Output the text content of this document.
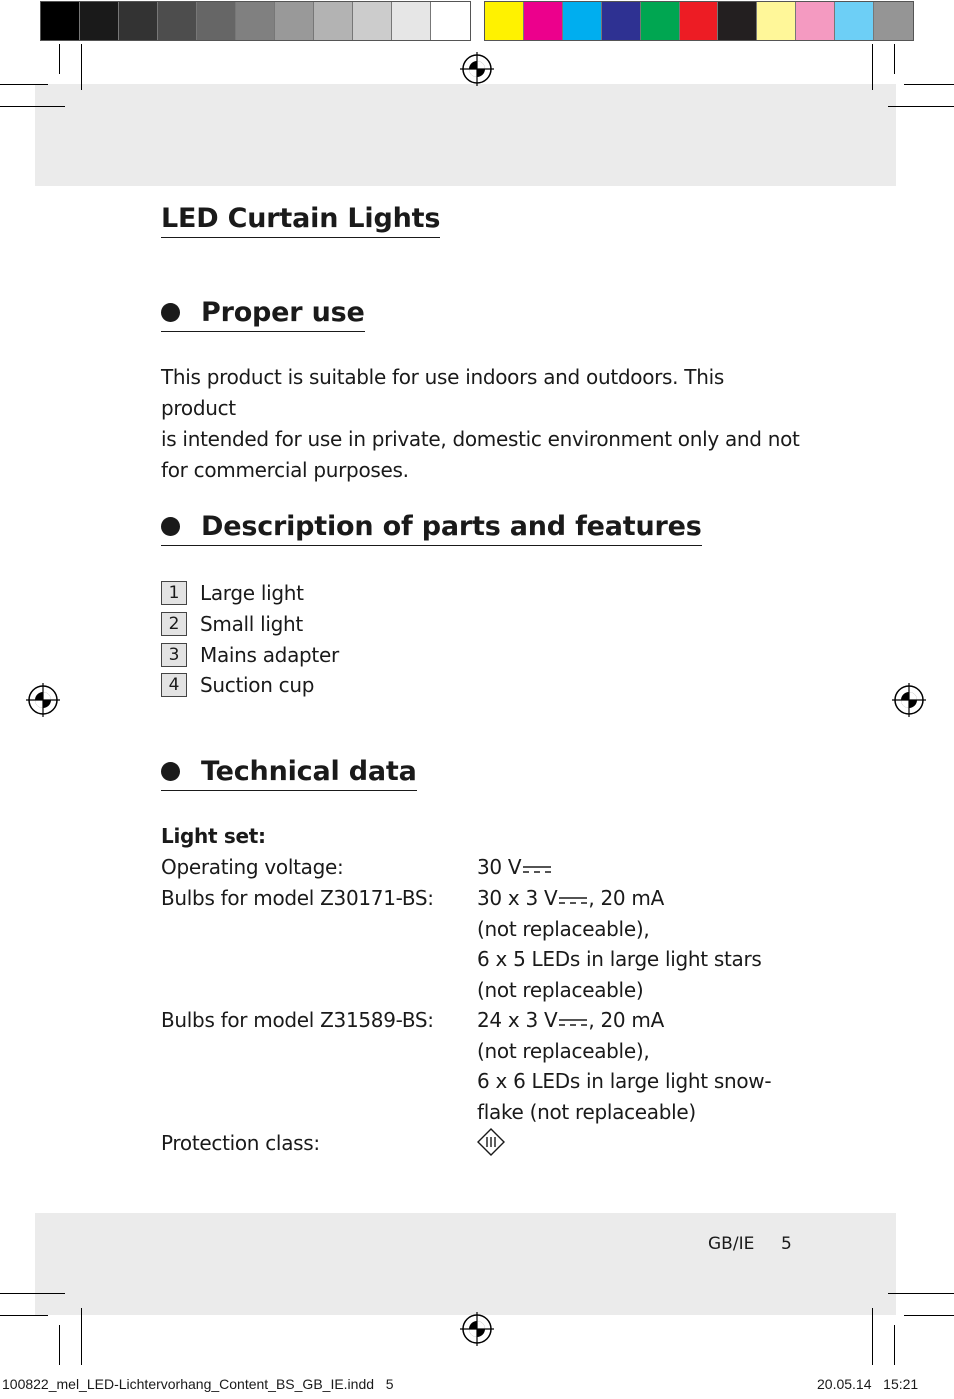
LED Curtain Lights
Proper use
This product is suitable for use indoors and outdoors. This product
is intended for use in private, domestic environment only and not
for commercial purposes.
Description of parts and features
1	Large light
2	Small light
3	Mains adapter
4	Suction cup
Technical data
Light set:
Operating voltage:	30 V
Bulbs for model Z30171-BS: 30 x 3 V , 20 mA
(not replaceable),
6 x 5 LEDs in large light stars
(not replaceable)
Bulbs for model Z31589-BS: 24 x 3 V , 20 mA
(not replaceable),
6 x 6 LEDs in large light snow-
flake (not replaceable)
Protection class:
GB/IE 5
100822_mel_LED-Lichtervorhang_Content_BS_GB_IE.indd   5	20.05.14   15:21
